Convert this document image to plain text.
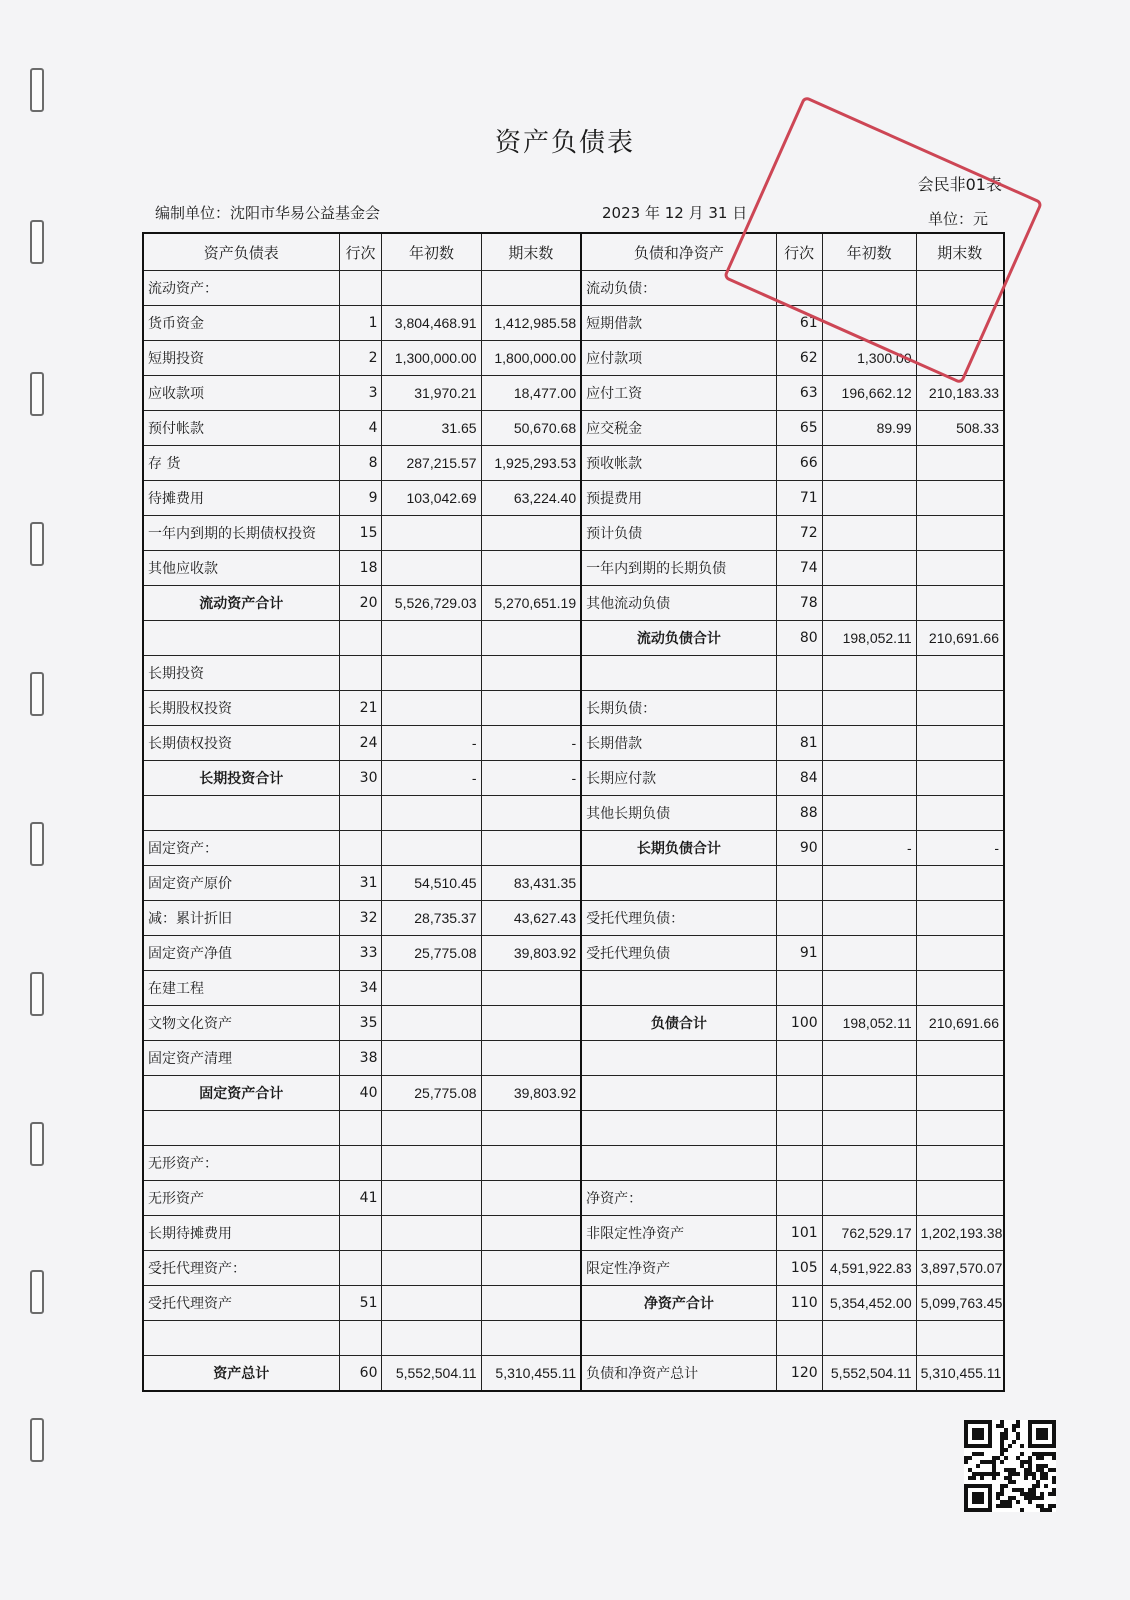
资产负债表
会民非01表
编制单位：沈阳市华易公益基金会	2023 年 12 月 31 日	单位：元
资产负债表	行次	年初数	期末数	负债和净资产	行次	年初数	期末数
流动资产：				流动负债：			
货币资金	1	3,804,468.91	1,412,985.58	短期借款	61		
短期投资	2	1,300,000.00	1,800,000.00	应付款项	62	1,300.00	
应收款项	3	31,970.21	18,477.00	应付工资	63	196,662.12	210,183.33
预付帐款	4	31.65	50,670.68	应交税金	65	89.99	508.33
存 货	8	287,215.57	1,925,293.53	预收帐款	66		
待摊费用	9	103,042.69	63,224.40	预提费用	71		
一年内到期的长期债权投资	15			预计负债	72		
其他应收款	18			一年内到期的长期负债	74		
流动资产合计	20	5,526,729.03	5,270,651.19	其他流动负债	78		
				流动负债合计	80	198,052.11	210,691.66
长期投资							
长期股权投资	21			长期负债：			
长期债权投资	24	-	-	长期借款	81		
长期投资合计	30	-	-	长期应付款	84		
				其他长期负债	88		
固定资产：				长期负债合计	90	-	-
固定资产原价	31	54,510.45	83,431.35				
减：累计折旧	32	28,735.37	43,627.43	受托代理负债：			
固定资产净值	33	25,775.08	39,803.92	受托代理负债	91		
在建工程	34						
文物文化资产	35			负债合计	100	198,052.11	210,691.66
固定资产清理	38						
固定资产合计	40	25,775.08	39,803.92				

无形资产：							
无形资产	41			净资产：			
长期待摊费用				非限定性净资产	101	762,529.17	1,202,193.38
受托代理资产：				限定性净资产	105	4,591,922.83	3,897,570.07
受托代理资产	51			净资产合计	110	5,354,452.00	5,099,763.45

资产总计	60	5,552,504.11	5,310,455.11	负债和净资产总计	120	5,552,504.11	5,310,455.11
